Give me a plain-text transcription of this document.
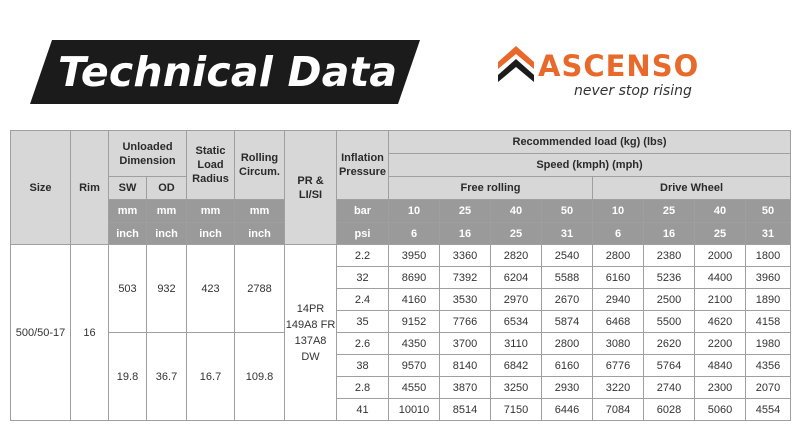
Technical Data	ASCENSO
never stop rising
Size	Rim	Unloaded Dimension		Static Load Radius	Rolling Circum.	PR & LI/SI	Inflation Pressure	Recommended load (kg) (lbs)							
								Speed (kmph) (mph)							
		SW	OD					Free rolling				Drive Wheel			
		mm	mm	mm	mm		bar	10	25	40	50	10	25	40	50
		inch	inch	inch	inch		psi	6	16	25	31	6	16	25	31
500/50-17	16	503	932	423	2788	14PR 149A8 FR 137A8 DW	2.2	3950	3360	2820	2540	2800	2380	2000	1800
							32	8690	7392	6204	5588	6160	5236	4400	3960
							2.4	4160	3530	2970	2670	2940	2500	2100	1890
							35	9152	7766	6534	5874	6468	5500	4620	4158
		19.8	36.7	16.7	109.8		2.6	4350	3700	3110	2800	3080	2620	2200	1980
							38	9570	8140	6842	6160	6776	5764	4840	4356
							2.8	4550	3870	3250	2930	3220	2740	2300	2070
							41	10010	8514	7150	6446	7084	6028	5060	4554
